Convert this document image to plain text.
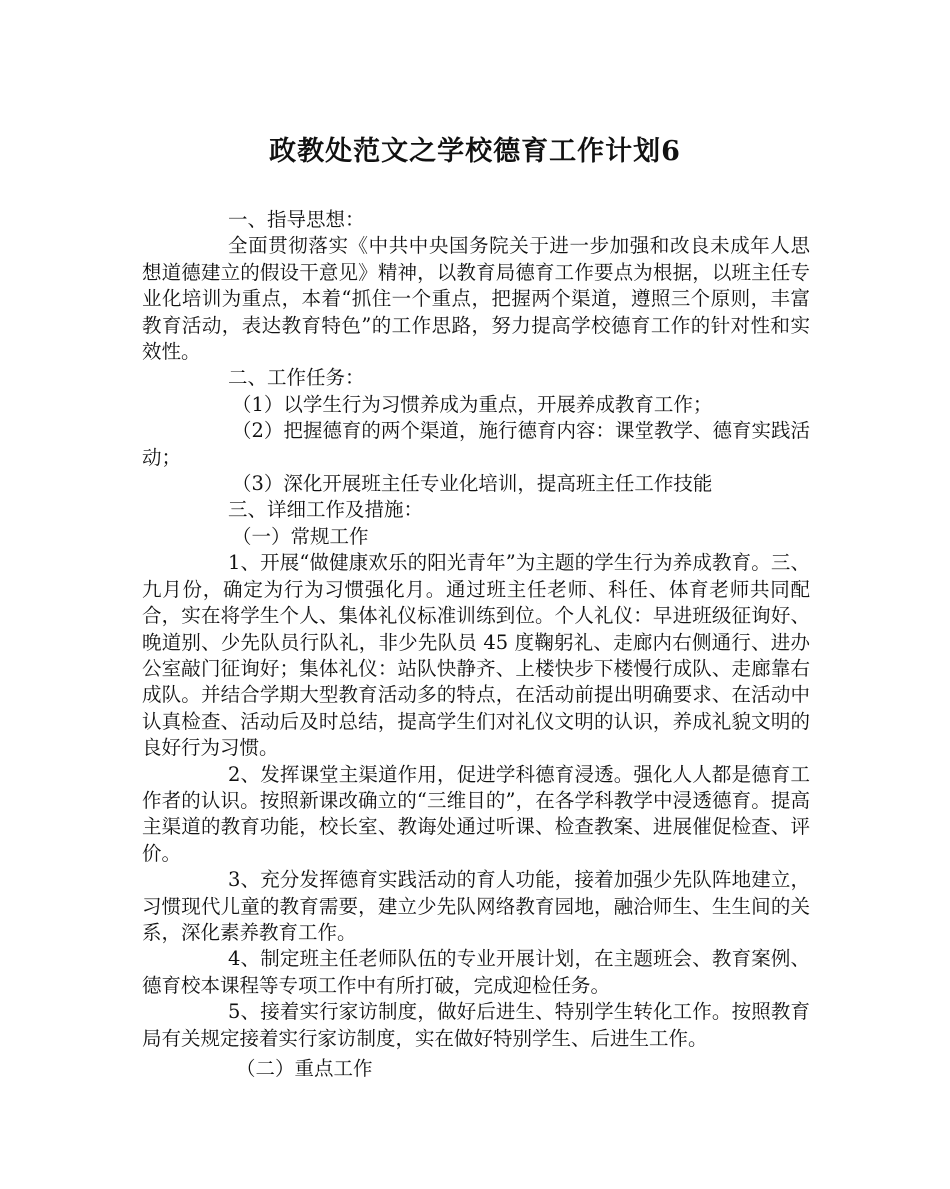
政教处范文之学校德育工作计划6

一、指导思想：

全面贯彻落实《中共中央国务院关于进一步加强和改良未成年人思想道德建立的假设干意见》精神，以教育局德育工作要点为根据，以班主任专业化培训为重点，本着“抓住一个重点，把握两个渠道，遵照三个原则，丰富教育活动，表达教育特色”的工作思路，努力提高学校德育工作的针对性和实效性。

二、工作任务：

（1）以学生行为习惯养成为重点，开展养成教育工作；

（2）把握德育的两个渠道，施行德育内容：课堂教学、德育实践活动；

（3）深化开展班主任专业化培训，提高班主任工作技能

三、详细工作及措施：

（一）常规工作

1、开展“做健康欢乐的阳光青年”为主题的学生行为养成教育。三、九月份，确定为行为习惯强化月。通过班主任老师、科任、体育老师共同配合，实在将学生个人、集体礼仪标准训练到位。个人礼仪：早进班级征询好、晚道别、少先队员行队礼，非少先队员 45 度鞠躬礼、走廊内右侧通行、进办公室敲门征询好；集体礼仪：站队快静齐、上楼快步下楼慢行成队、走廊靠右成队。并结合学期大型教育活动多的特点，在活动前提出明确要求、在活动中认真检查、活动后及时总结，提高学生们对礼仪文明的认识，养成礼貌文明的良好行为习惯。

2、发挥课堂主渠道作用，促进学科德育浸透。强化人人都是德育工作者的认识。按照新课改确立的“三维目的”，在各学科教学中浸透德育。提高主渠道的教育功能，校长室、教诲处通过听课、检查教案、进展催促检查、评价。

3、充分发挥德育实践活动的育人功能，接着加强少先队阵地建立，习惯现代儿童的教育需要，建立少先队网络教育园地，融洽师生、生生间的关系，深化素养教育工作。

4、制定班主任老师队伍的专业开展计划，在主题班会、教育案例、德育校本课程等专项工作中有所打破，完成迎检任务。

5、接着实行家访制度，做好后进生、特别学生转化工作。按照教育局有关规定接着实行家访制度，实在做好特别学生、后进生工作。

（二）重点工作
